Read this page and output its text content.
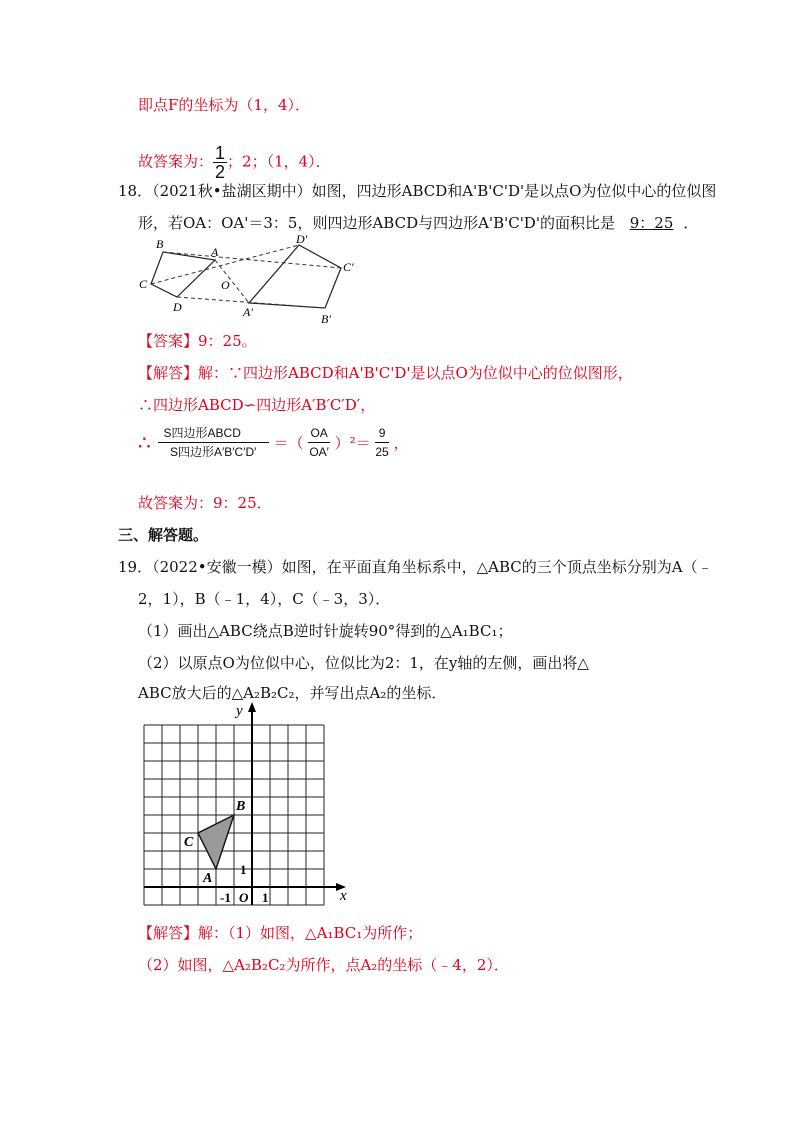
即点F的坐标为（1，4）．
故答案为： $\frac{1}{2}$ ；2；（1，4）．
18．（2021秋•盐湖区期中）如图，四边形ABCD和A'B'C'D'是以点O为位似中心的位似图
形，若OA：OA'＝3：5，则四边形ABCD与四边形A'B'C'D'的面积比是 9：25 ．
B
A
C
D
O
D′
C′
A′	B′
【答案】9：25。
【解答】解：∵四边形ABCD和A'B'C'D'是以点O为位似中心的位似图形，
∴四边形ABCD∽四边形A′B′C′D′，
∴ $\frac{\text{S四边形ABCD}}{\text{S四边形A′B′C′D′}}$ ＝（ $\frac{OA}{OA'} )^2= \frac{9}{25}$ ，
故答案为：9：25．
三、解答题。
19．（2022•安徽一模）如图，在平面直角坐标系中，△ABC的三个顶点坐标分别为A（﹣
2，1），B（﹣1，4），C（﹣3，3）．
（1）画出△ABC绕点B逆时针旋转90°得到的△A₁BC₁；
（2）以原点O为位似中心，位似比为2：1，在y轴的左侧，画出将△
ABC放大后的△A₂B₂C₂，并写出点A₂的坐标．
y
x
B
C
A
1
-1 O 1
【解答】解：（1）如图，△A₁BC₁为所作；
（2）如图，△A₂B₂C₂为所作，点A₂的坐标（﹣4，2）．
